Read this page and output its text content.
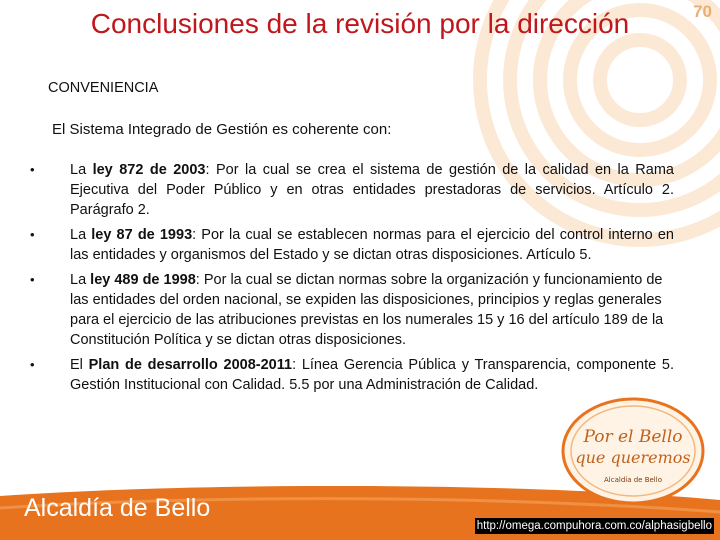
Conclusiones de la revisión por la dirección	70
CONVENIENCIA
El Sistema Integrado de Gestión es coherente con:
• La ley 872 de 2003: Por la cual se crea el sistema de gestión de la calidad en la Rama Ejecutiva del Poder Público y en otras entidades prestadoras de servicios. Artículo 2. Parágrafo 2.
• La ley 87 de 1993: Por la cual se establecen normas para el ejercicio del control interno en las entidades y organismos del Estado y se dictan otras disposiciones. Artículo 5.
• La ley 489 de 1998: Por la cual se dictan normas sobre la organización y funcionamiento de las entidades del orden nacional, se expiden las disposiciones, principios y reglas generales para el ejercicio de las atribuciones previstas en los numerales 15 y 16 del artículo 189 de la Constitución Política y se dictan otras disposiciones.
• El Plan de desarrollo 2008-2011: Línea Gerencia Pública y Transparencia, componente 5. Gestión Institucional con Calidad. 5.5 por una Administración de Calidad.
Alcaldía de Bello
Por el Bello
que queremos
Alcaldía de Bello
http://omega.compuhora.com.co/alphasigbello
